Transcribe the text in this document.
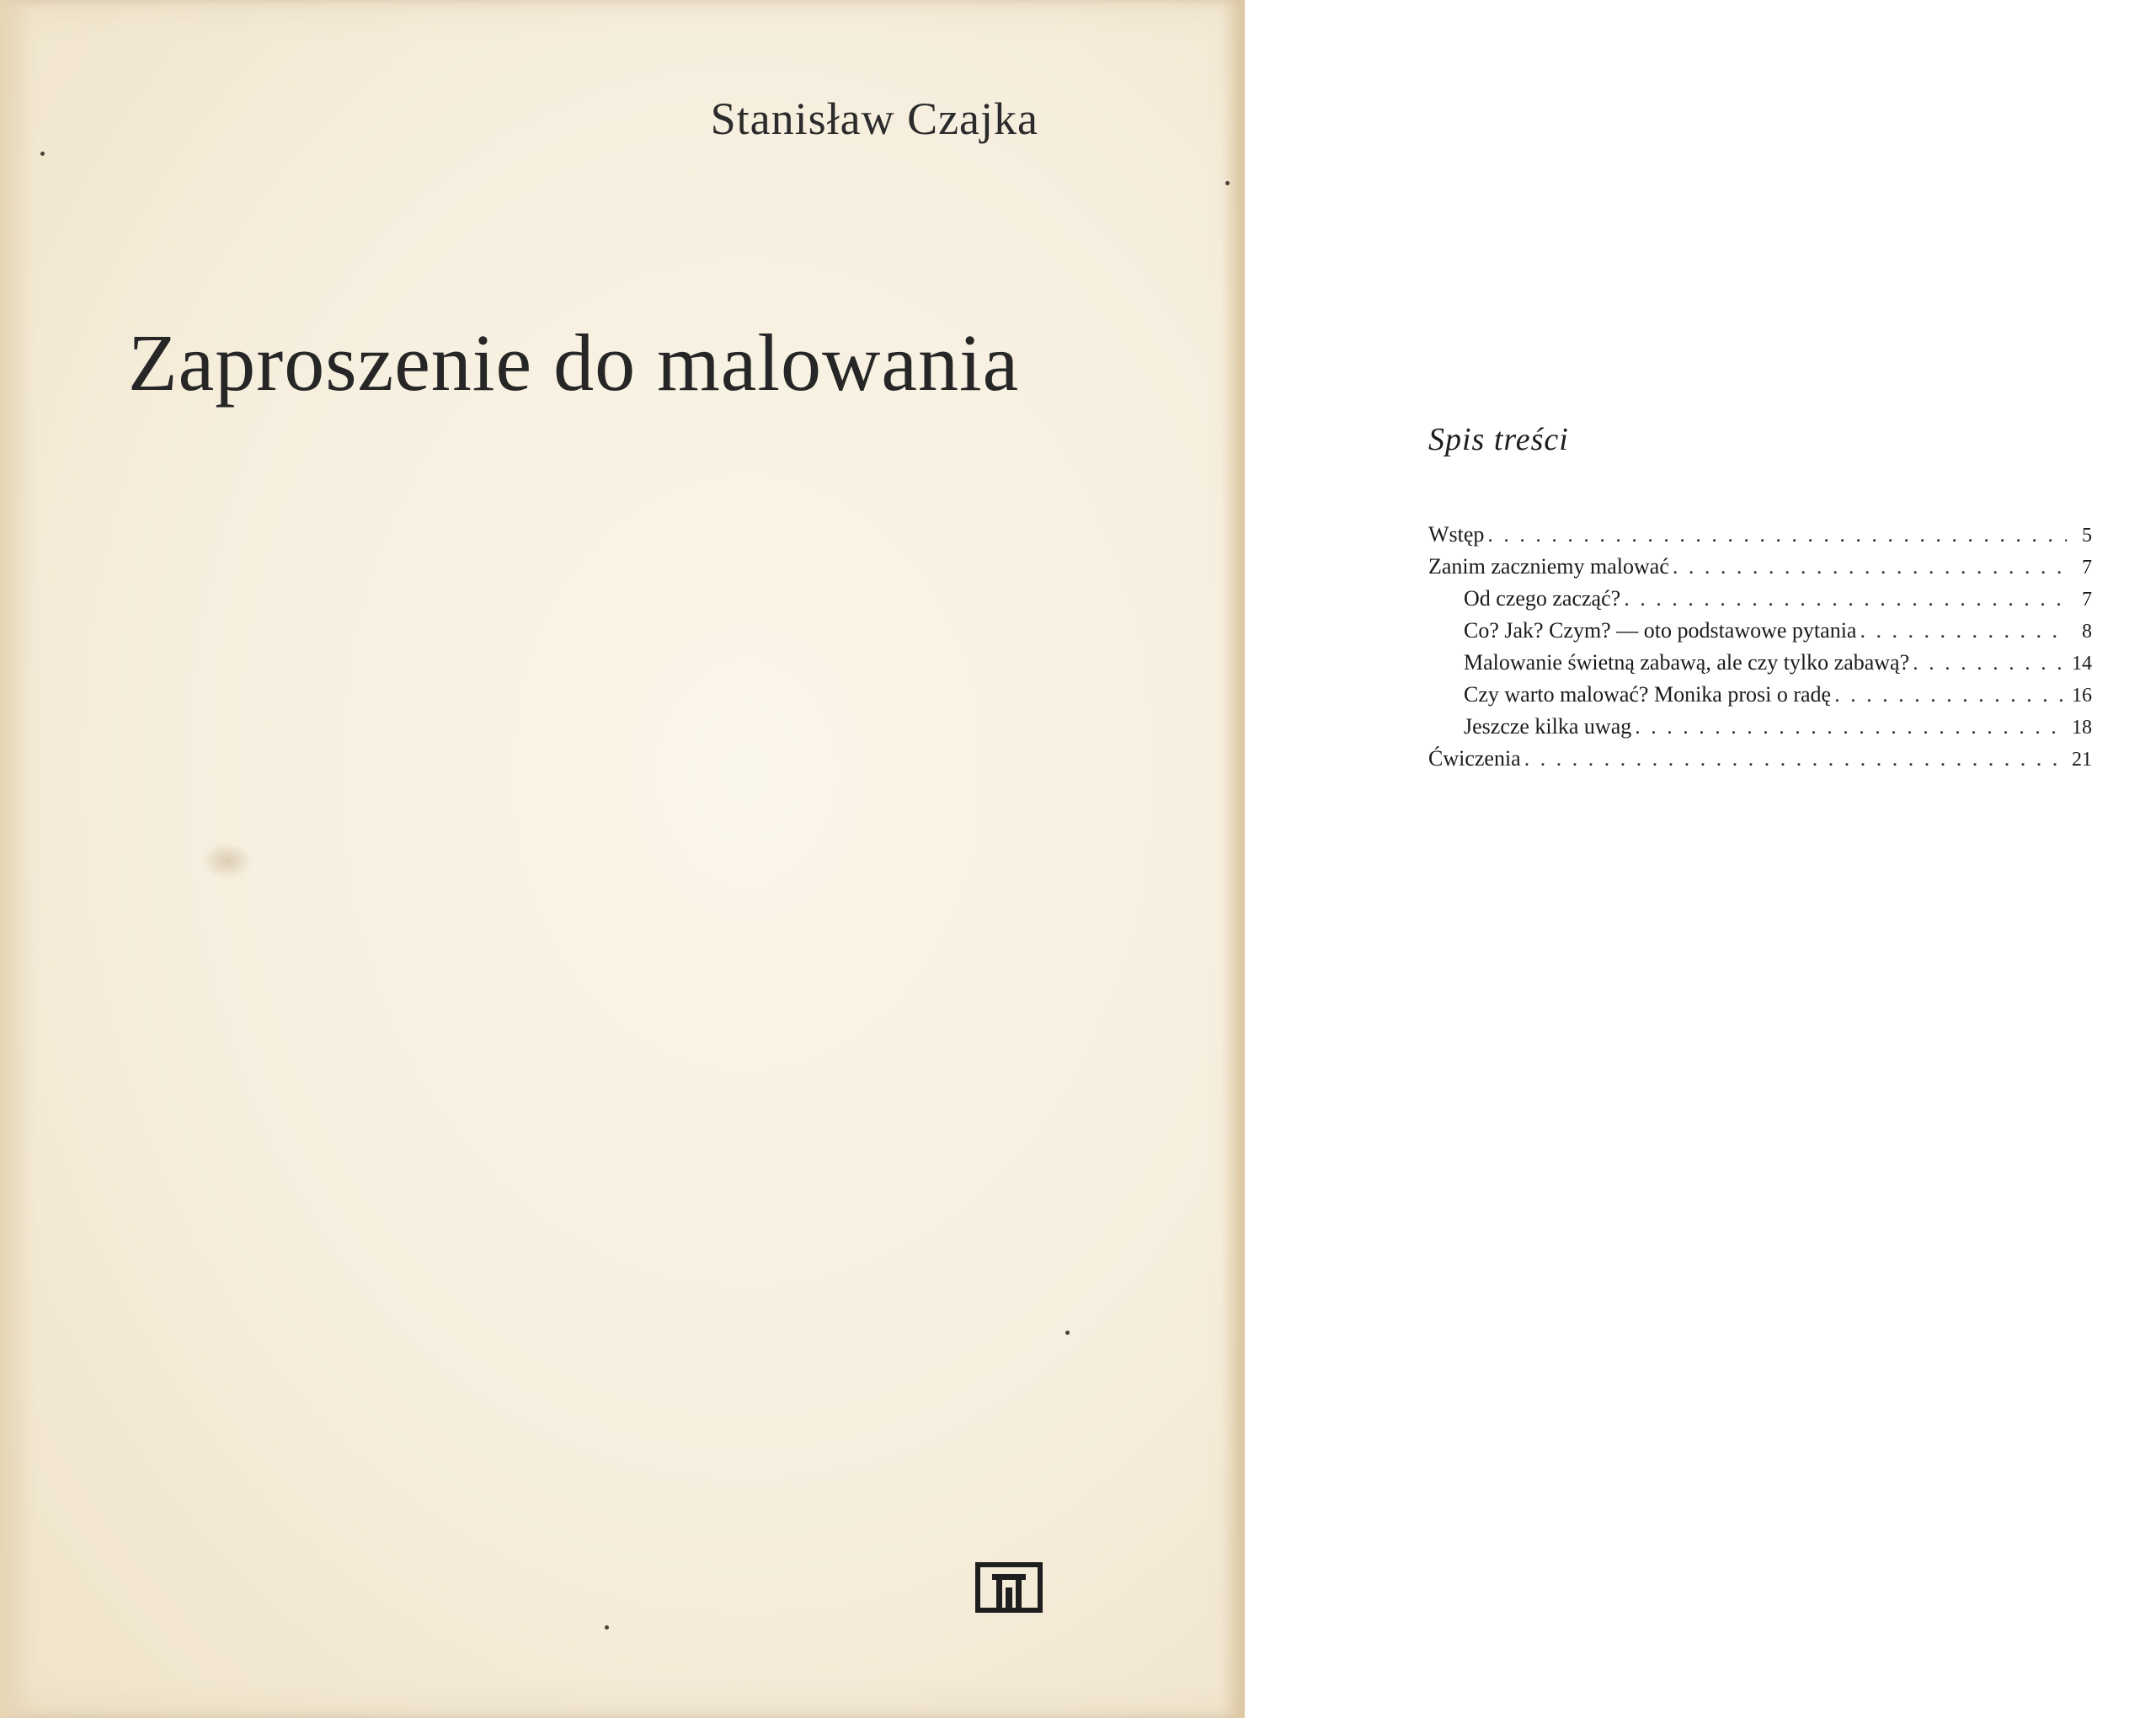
Stanisław Czajka
Zaproszenie do malowania
Spis treści
Wstęp . . .	5
Zanim zaczniemy malować . . .	7
Od czego zacząć? . . .	7
Co? Jak? Czym? — oto podstawowe pytania . . .	8
Malowanie świetną zabawą, ale czy tylko zabawą? . . .	14
Czy warto malować? Monika prosi o radę . . .	16
Jeszcze kilka uwag . . .	18
Ćwiczenia . . .	21
